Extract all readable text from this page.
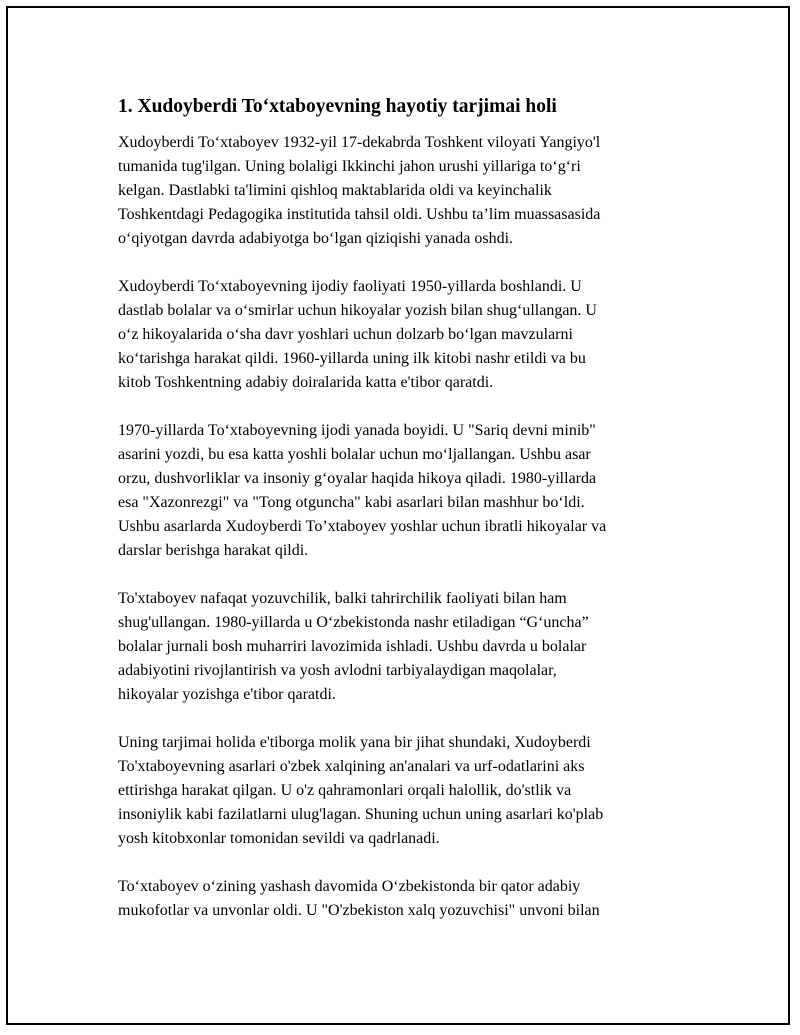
1. Xudoyberdi To‘xtaboyevning hayotiy tarjimai holi

Xudoyberdi To‘xtaboyev 1932-yil 17-dekabrda Toshkent viloyati Yangiyo'l
tumanida tug'ilgan. Uning bolaligi Ikkinchi jahon urushi yillariga to‘g‘ri
kelgan. Dastlabki ta'limini qishloq maktablarida oldi va keyinchalik
Toshkentdagi Pedagogika institutida tahsil oldi. Ushbu ta’lim muassasasida
o‘qiyotgan davrda adabiyotga bo‘lgan qiziqishi yanada oshdi.

Xudoyberdi To‘xtaboyevning ijodiy faoliyati 1950-yillarda boshlandi. U
dastlab bolalar va o‘smirlar uchun hikoyalar yozish bilan shug‘ullangan. U
o‘z hikoyalarida o‘sha davr yoshlari uchun dolzarb bo‘lgan mavzularni
ko‘tarishga harakat qildi. 1960-yillarda uning ilk kitobi nashr etildi va bu
kitob Toshkentning adabiy doiralarida katta e'tibor qaratdi.

1970-yillarda To‘xtaboyevning ijodi yanada boyidi. U "Sariq devni minib"
asarini yozdi, bu esa katta yoshli bolalar uchun mo‘ljallangan. Ushbu asar
orzu, dushvorliklar va insoniy g‘oyalar haqida hikoya qiladi. 1980-yillarda
esa "Xazonrezgi" va "Tong otguncha" kabi asarlari bilan mashhur bo‘ldi.
Ushbu asarlarda Xudoyberdi To’xtaboyev yoshlar uchun ibratli hikoyalar va
darslar berishga harakat qildi.

To'xtaboyev nafaqat yozuvchilik, balki tahrirchilik faoliyati bilan ham
shug'ullangan. 1980-yillarda u O‘zbekistonda nashr etiladigan “G‘uncha”
bolalar jurnali bosh muharriri lavozimida ishladi. Ushbu davrda u bolalar
adabiyotini rivojlantirish va yosh avlodni tarbiyalaydigan maqolalar,
hikoyalar yozishga e'tibor qaratdi.

Uning tarjimai holida e'tiborga molik yana bir jihat shundaki, Xudoyberdi
To'xtaboyevning asarlari o'zbek xalqining an'analari va urf-odatlarini aks
ettirishga harakat qilgan. U o'z qahramonlari orqali halollik, do'stlik va
insoniylik kabi fazilatlarni ulug'lagan. Shuning uchun uning asarlari ko'plab
yosh kitobxonlar tomonidan sevildi va qadrlanadi.

To‘xtaboyev o‘zining yashash davomida O‘zbekistonda bir qator adabiy
mukofotlar va unvonlar oldi. U "O'zbekiston xalq yozuvchisi" unvoni bilan
